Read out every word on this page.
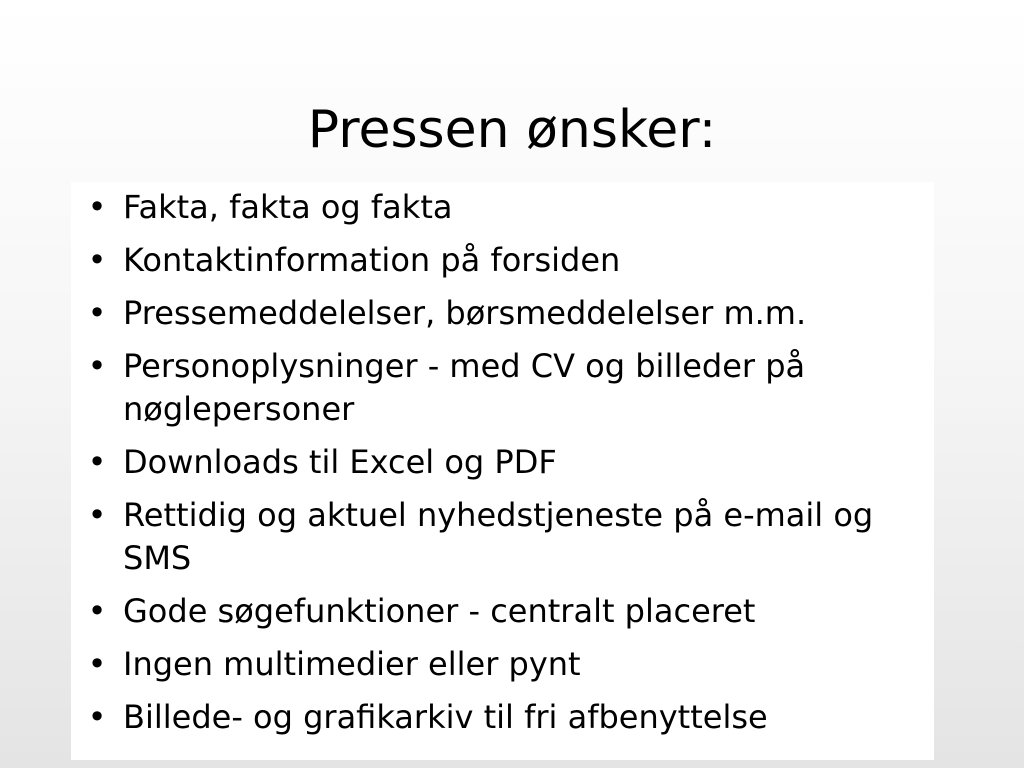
Pressen ønsker:
• Fakta, fakta og fakta
• Kontaktinformation på forsiden
• Pressemeddelelser, børsmeddelelser m.m.
• Personoplysninger - med CV og billeder på nøglepersoner
• Downloads til Excel og PDF
• Rettidig og aktuel nyhedstjeneste på e-mail og SMS
• Gode søgefunktioner - centralt placeret
• Ingen multimedier eller pynt
• Billede- og grafikarkiv til fri afbenyttelse
